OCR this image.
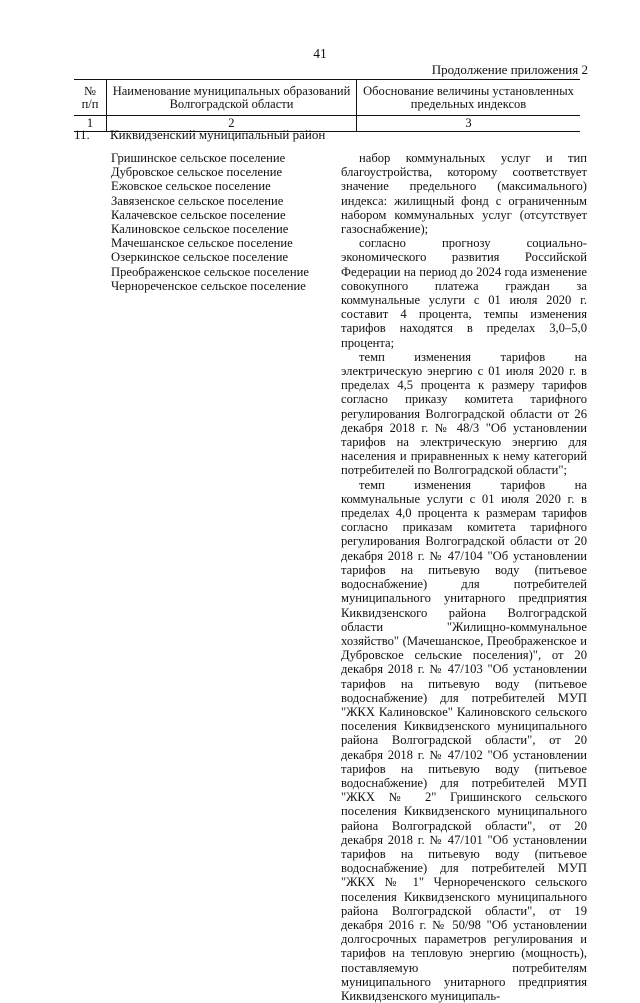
41
Продолжение приложения 2
№ п/п
Наименование муниципальных образований Волгоградской области
Обоснование величины установленных предельных индексов
1	2	3
11. Киквидзенский муниципальный район
Гришинское сельское поселение
Дубровское сельское поселение
Ежовское сельское поселение
Завязенское сельское поселение
Калачевское сельское поселение
Калиновское сельское поселение
Мачешанское сельское поселение
Озеркинское сельское поселение
Преображенское сельское поселение
Чернореченское сельское поселение

набор коммунальных услуг и тип благоустройства, которому соответствует значение предельного (максимального) индекса: жилищный фонд с ограниченным набором коммунальных услуг (отсутствует газоснабжение);

согласно прогнозу социально-экономического развития Российской Федерации на период до 2024 года изменение совокупного платежа граждан за коммунальные услуги с 01 июля 2020 г. составит 4 процента, темпы изменения тарифов находятся в пределах 3,0–5,0 процента;

темп изменения тарифов на электрическую энергию с 01 июля 2020 г. в пределах 4,5 процента к размеру тарифов согласно приказу комитета тарифного регулирования Волгоградской области от 26 декабря 2018 г. № 48/3 "Об установлении тарифов на электрическую энергию для населения и приравненных к нему категорий потребителей по Волгоградской области";

темп изменения тарифов на коммунальные услуги с 01 июля 2020 г. в пределах 4,0 процента к размерам тарифов согласно приказам комитета тарифного регулирования Волгоградской области от 20 декабря 2018 г. № 47/104 "Об установлении тарифов на питьевую воду (питьевое водоснабжение) для потребителей муниципального унитарного предприятия Киквидзенского района Волгоградской области "Жилищно-коммунальное хозяйство" (Мачешанское, Преображенское и Дубровское сельские поселения)", от 20 декабря 2018 г. № 47/103 "Об установлении тарифов на питьевую воду (питьевое водоснабжение) для потребителей МУП "ЖКХ Калиновское" Калиновского сельского поселения Киквидзенского муниципального района Волгоградской области", от 20 декабря 2018 г. № 47/102 "Об установлении тарифов на питьевую воду (питьевое водоснабжение) для потребителей МУП "ЖКХ № 2" Гришинского сельского поселения Киквидзенского муниципального района Волгоградской области", от 20 декабря 2018 г. № 47/101 "Об установлении тарифов на питьевую воду (питьевое водоснабжение) для потребителей МУП "ЖКХ № 1" Чернореченского сельского поселения Киквидзенского муниципального района Волгоградской области", от 19 декабря 2016 г. № 50/98 "Об установлении долгосрочных параметров регулирования и тарифов на тепловую энергию (мощность), поставляемую потребителям муниципального унитарного предприятия Киквидзенского муниципаль-
